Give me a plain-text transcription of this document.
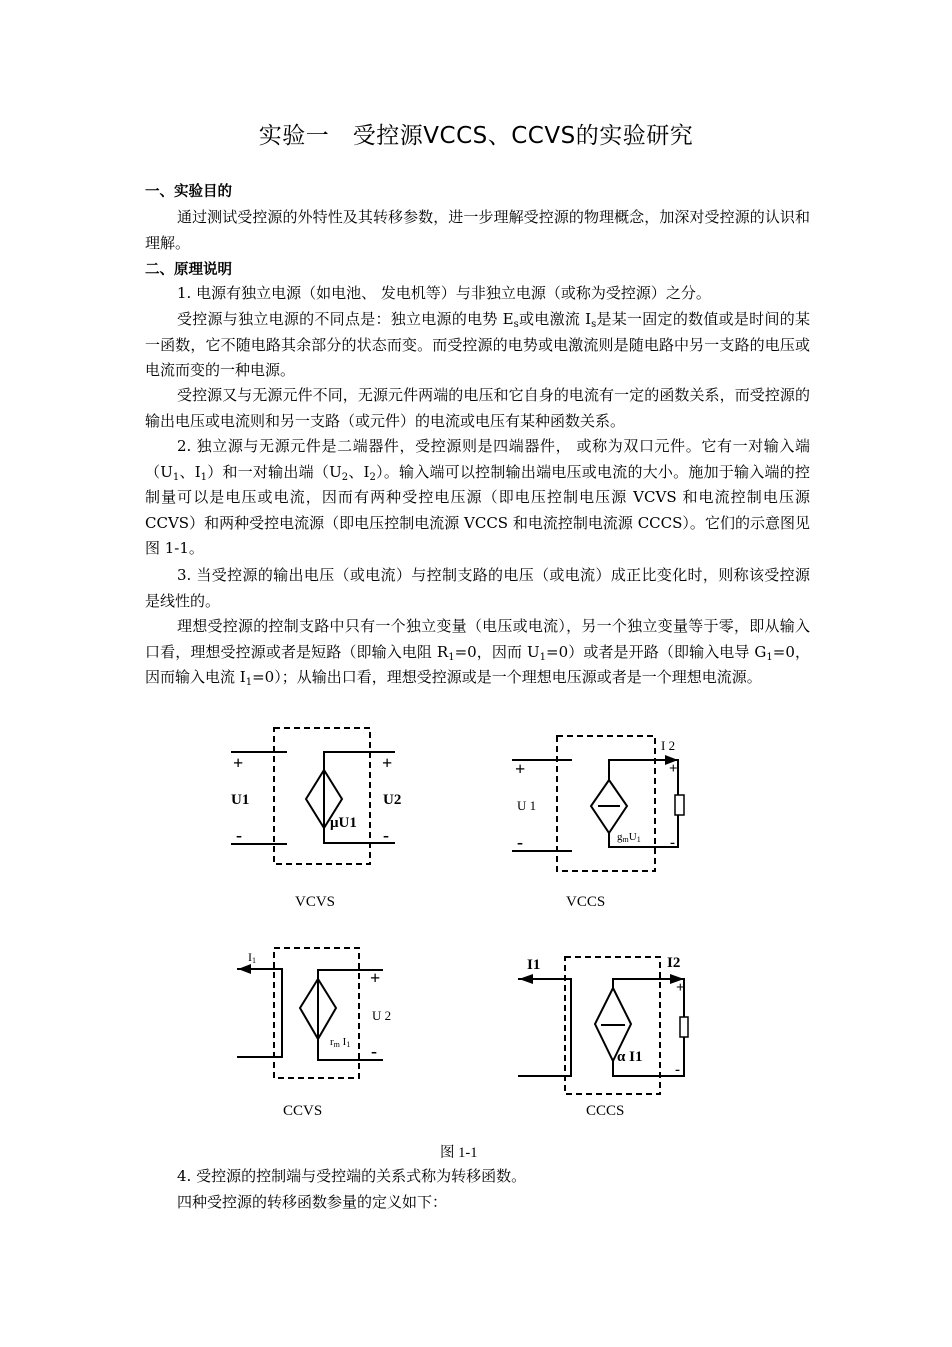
实验一　受控源VCCS、CCVS的实验研究
一、实验目的

通过测试受控源的外特性及其转移参数，进一步理解受控源的物理概念，加深对受控源的认识和理解。

二、原理说明

1. 电源有独立电源（如电池、 发电机等）与非独立电源（或称为受控源）之分。

受控源与独立电源的不同点是：独立电源的电势 $E_s$或电激流 $I_s$是某一固定的数值或是时间的某一函数，它不随电路其余部分的状态而变。而受控源的电势或电激流则是随电路中另一支路的电压或电流而变的一种电源。

受控源又与无源元件不同，无源元件两端的电压和它自身的电流有一定的函数关系，而受控源的输出电压或电流则和另一支路（或元件）的电流或电压有某种函数关系。

2. 独立源与无源元件是二端器件，受控源则是四端器件， 或称为双口元件。它有一对输入端（$U_1$、$I_1$）和一对输出端（$U_2$、$I_2$）。输入端可以控制输出端电压或电流的大小。施加于输入端的控制量可以是电压或电流，因而有两种受控电压源（即电压控制电压源 VCVS 和电流控制电压源 CCVS）和两种受控电流源（即电压控制电流源 VCCS 和电流控制电流源 CCCS）。它们的示意图见图 1-1。

3. 当受控源的输出电压（或电流）与控制支路的电压（或电流）成正比变化时，则称该受控源是线性的。

理想受控源的控制支路中只有一个独立变量（电压或电流），另一个独立变量等于零，即从输入口看，理想受控源或者是短路（即输入电阻 $R_1=0$，因而 $U_1=0$）或者是开路（即输入电导 $G_1=0$，因而输入电流 $I_1=0$）；从输出口看，理想受控源或是一个理想电压源或者是一个理想电流源。

+
-
U1
+
-
U2
μU1
VCVS
+
-
U 1
I 2
+
-
gmU1
VCCS
I1
+
-
U 2
rm I1
CCVS
I1	I2
+
-
α I1
CCCS
图 1-1

4. 受控源的控制端与受控端的关系式称为转移函数。

四种受控源的转移函数参量的定义如下：
